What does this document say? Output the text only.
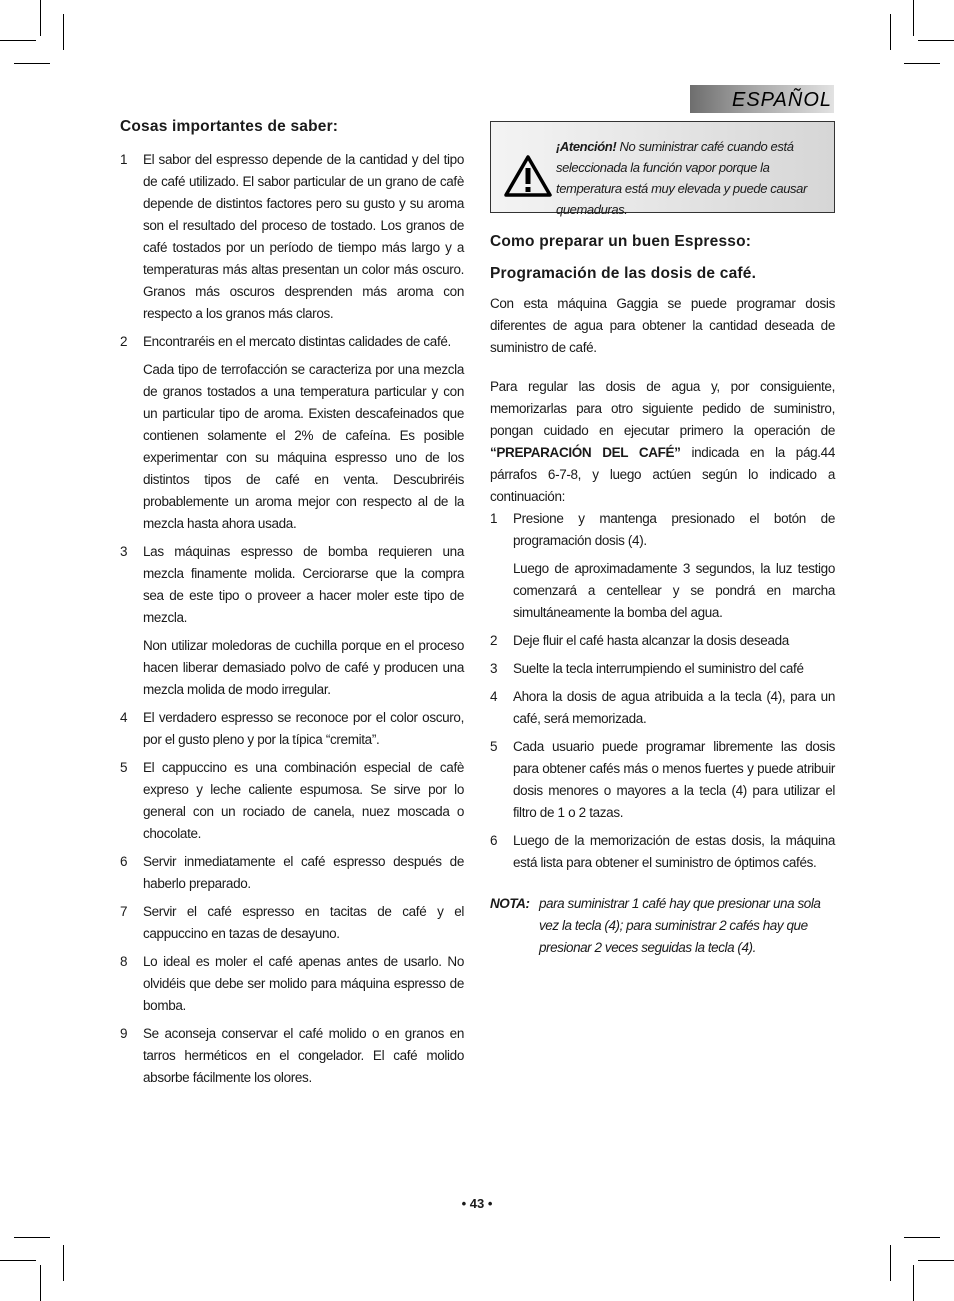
ESPAÑOL
Cosas importantes de saber:
1 El sabor del espresso depende de la cantidad y del tipo de café utilizado. El sabor particular de un grano de cafè depende de distintos factores pero su gusto y su aroma son el resultado del proceso de tostado. Los granos de café tostados por un período de tiempo más largo y a temperaturas más altas presentan un color más oscuro. Granos más oscuros desprenden más aroma con respecto a los granos más claros.

2 Encontraréis en el mercato distintas calidades de café.

Cada tipo de terrofacción se caracteriza por una mezcla de granos tostados a una temperatura particular y con un particular tipo de aroma. Existen descafeinados que contienen solamente el 2% de cafeína. Es posible experimentar con su máquina espresso uno de los distintos tipos de café en venta. Descubriréis probablemente un aroma mejor con respecto al de la mezcla hasta ahora usada.

3 Las máquinas espresso de bomba requieren una mezcla finamente molida. Cerciorarse que la compra sea de este tipo o proveer a hacer moler este tipo de mezcla.

Non utilizar moledoras de cuchilla porque en el proceso hacen liberar demasiado polvo de café y producen una mezcla molida de modo irregular.

4 El verdadero espresso se reconoce por el color oscuro, por el gusto pleno y por la típica “cremita”.

5 El cappuccino es una combinación especial de cafè expreso y leche caliente espumosa. Se sirve por lo general con un rociado de canela, nuez moscada o chocolate.

6 Servir inmediatamente el café espresso después de haberlo preparado.

7 Servir el café espresso en tacitas de café y el cappuccino en tazas de desayuno.

8 Lo ideal es moler el café apenas antes de usarlo. No olvidéis que debe ser molido para máquina espresso de bomba.

9 Se aconseja conservar el café molido o en granos en tarros herméticos en el congelador. El café molido absorbe fácilmente los olores.

¡Atención! No suministrar café cuando está seleccionada la función vapor porque la temperatura está muy elevada y puede causar quemaduras.
Como preparar un buen Espresso:
Programación de las dosis de café.

Con esta máquina Gaggia se puede programar dosis diferentes de agua para obtener la cantidad deseada de suministro de café.

Para regular las dosis de agua y, por consiguiente, memorizarlas para otro siguiente pedido de suministro, pongan cuidado en ejecutar primero la operación de “PREPARACIÓN DEL CAFÉ” indicada en la pág.44 párrafos 6-7-8, y luego actúen según lo indicado a continuación:

1 Presione y mantenga presionado el botón de programación dosis (4).

Luego de aproximadamente 3 segundos, la luz testigo comenzará a centellear y se pondrá en marcha simultáneamente la bomba del agua.

2 Deje fluir el café hasta alcanzar la dosis deseada

3 Suelte la tecla interrumpiendo el suministro del café

4 Ahora la dosis de agua atribuida a la tecla (4), para un café, será memorizada.

5 Cada usuario puede programar libremente las dosis para obtener cafés más o menos fuertes y puede atribuir dosis menores o mayores a la tecla (4) para utilizar el filtro de 1 o 2 tazas.

6 Luego de la memorización de estas dosis, la máquina está lista para obtener el suministro de óptimos cafés.

NOTA: para suministrar 1 café hay que presionar una sola vez la tecla (4); para suministrar 2 cafés hay que presionar 2 veces seguidas la tecla (4).
• 43 •
